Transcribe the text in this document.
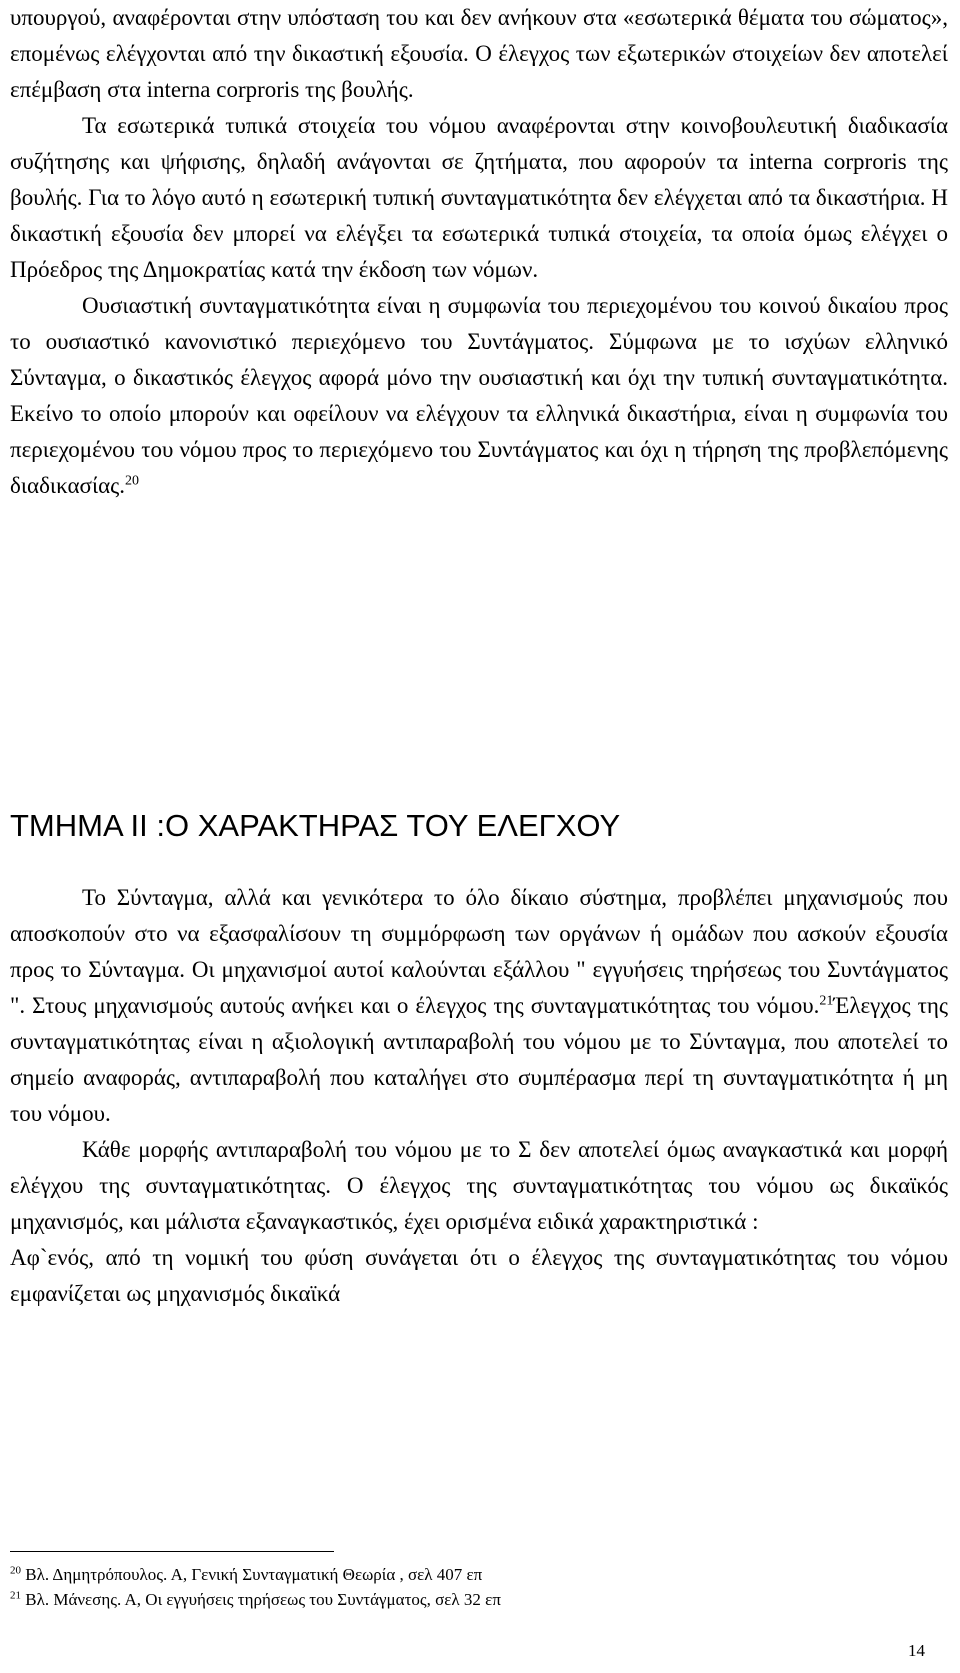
υπουργού, αναφέρονται στην υπόσταση του και δεν ανήκουν στα «εσωτερικά θέματα του σώματος», επομένως ελέγχονται από την δικαστική εξουσία. Ο έλεγχος των εξωτερικών στοιχείων δεν αποτελεί επέμβαση στα interna corprоris της βουλής.

Τα εσωτερικά τυπικά στοιχεία του νόμου αναφέρονται στην κοινοβουλευτική διαδικασία συζήτησης και ψήφισης, δηλαδή ανάγονται σε ζητήματα, που αφορούν τα interna corprоris της βουλής. Για το λόγο αυτό η εσωτερική τυπική συνταγματικότητα δεν ελέγχεται από τα δικαστήρια. Η δικαστική εξουσία δεν μπορεί να ελέγξει τα εσωτερικά τυπικά στοιχεία, τα οποία όμως ελέγχει ο Πρόεδρος της Δημοκρατίας κατά την έκδοση των νόμων.

Ουσιαστική συνταγματικότητα είναι η συμφωνία του περιεχομένου του κοινού δικαίου προς το ουσιαστικό κανονιστικό περιεχόμενο του Συντάγματος. Σύμφωνα με το ισχύων ελληνικό Σύνταγμα, ο δικαστικός έλεγχος αφορά μόνο την ουσιαστική και όχι την τυπική συνταγματικότητα. Εκείνο το οποίο μπορούν και οφείλουν να ελέγχουν τα ελληνικά δικαστήρια, είναι η συμφωνία του περιεχομένου του νόμου προς το περιεχόμενο του Συντάγματος και όχι η τήρηση της προβλεπόμενης διαδικασίας.$^{20}$

ΤΜΗΜΑ ΙΙ :Ο ΧΑΡΑΚΤΗΡΑΣ ΤΟΥ ΕΛΕΓΧΟΥ

Το Σύνταγμα, αλλά και γενικότερα το όλο δίκαιο σύστημα, προβλέπει μηχανισμούς που αποσκοπούν στο να εξασφαλίσουν τη συμμόρφωση των οργάνων ή ομάδων που ασκούν εξουσία προς το Σύνταγμα. Οι μηχανισμοί αυτοί καλούνται εξάλλου " εγγυήσεις τηρήσεως του Συντάγματος ". Στους μηχανισμούς αυτούς ανήκει και ο έλεγχος της συνταγματικότητας του νόμου.$^{21}$Έλεγχος της συνταγματικότητας είναι η αξιολογική αντιπαραβολή του νόμου με το Σύνταγμα, που αποτελεί το σημείο αναφοράς, αντιπαραβολή που καταλήγει στο συμπέρασμα περί τη συνταγματικότητα ή μη του νόμου.

Κάθε μορφής αντιπαραβολή του νόμου με το Σ δεν αποτελεί όμως αναγκαστικά και μορφή ελέγχου της συνταγματικότητας. Ο έλεγχος της συνταγματικότητας του νόμου ως δικαϊκός μηχανισμός, και μάλιστα εξαναγκαστικός, έχει ορισμένα ειδικά χαρακτηριστικά :

Αφ`ενός, από τη νομική του φύση συνάγεται ότι ο έλεγχος της συνταγματικότητας του νόμου εμφανίζεται ως μηχανισμός δικαϊκά

$^{20}$ Βλ. Δημητρόπουλος. Α, Γενική Συνταγματική Θεωρία , σελ 407 επ
$^{21}$ Βλ. Μάνεσης. Α, Οι εγγυήσεις τηρήσεως του Συντάγματος, σελ 32 επ
14
